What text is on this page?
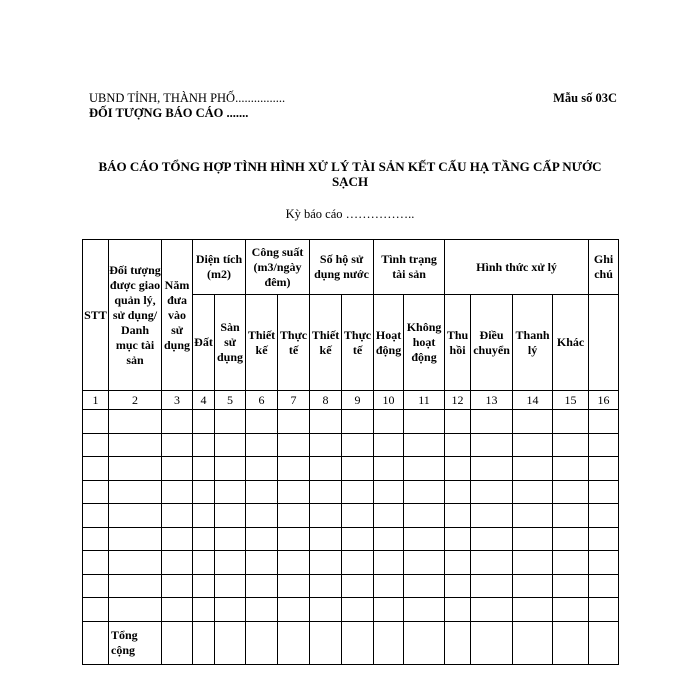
UBND TỈNH, THÀNH PHỐ................
ĐỐI TƯỢNG BÁO CÁO .......
Mẫu số 03C
BÁO CÁO TỔNG HỢP TÌNH HÌNH XỬ LÝ TÀI SẢN KẾT CẤU HẠ TẦNG CẤP NƯỚC SẠCH
Kỳ báo cáo ……………..
STT	Đối tượng được giao quản lý, sử dụng/ Danh mục tài sản	Năm đưa vào sử dụng	Diện tích (m2)		Công suất (m3/ngày đêm)		Số hộ sử dụng nước		Tình trạng tài sản		Hình thức xử lý				Ghi chú
			Đất	Sàn sử dụng	Thiết kế	Thực tế	Thiết kế	Thực tế	Hoạt động	Không hoạt động	Thu hồi	Điều chuyển	Thanh lý	Khác	
1	2	3	4	5	6	7	8	9	10	11	12	13	14	15	16

	Tổng cộng														
